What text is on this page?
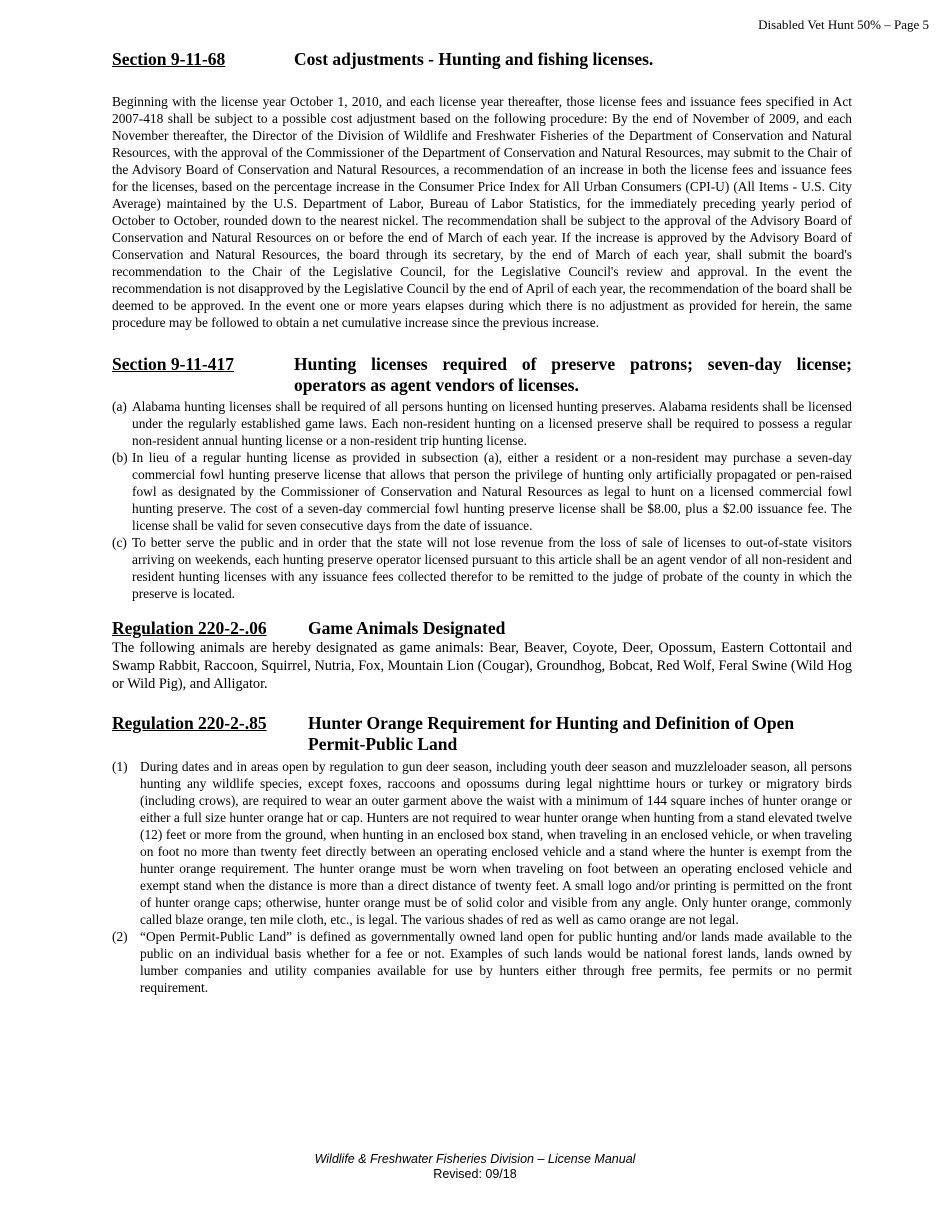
Disabled Vet Hunt 50% – Page 5
Section 9-11-68	Cost adjustments - Hunting and fishing licenses.

Beginning with the license year October 1, 2010, and each license year thereafter, those license fees and issuance fees specified in Act 2007-418 shall be subject to a possible cost adjustment based on the following procedure: By the end of November of 2009, and each November thereafter, the Director of the Division of Wildlife and Freshwater Fisheries of the Department of Conservation and Natural Resources, with the approval of the Commissioner of the Department of Conservation and Natural Resources, may submit to the Chair of the Advisory Board of Conservation and Natural Resources, a recommendation of an increase in both the license fees and issuance fees for the licenses, based on the percentage increase in the Consumer Price Index for All Urban Consumers (CPI-U) (All Items - U.S. City Average) maintained by the U.S. Department of Labor, Bureau of Labor Statistics, for the immediately preceding yearly period of October to October, rounded down to the nearest nickel. The recommendation shall be subject to the approval of the Advisory Board of Conservation and Natural Resources on or before the end of March of each year. If the increase is approved by the Advisory Board of Conservation and Natural Resources, the board through its secretary, by the end of March of each year, shall submit the board's recommendation to the Chair of the Legislative Council, for the Legislative Council's review and approval. In the event the recommendation is not disapproved by the Legislative Council by the end of April of each year, the recommendation of the board shall be deemed to be approved. In the event one or more years elapses during which there is no adjustment as provided for herein, the same procedure may be followed to obtain a net cumulative increase since the previous increase.

Section 9-11-417	Hunting licenses required of preserve patrons; seven-day license;
operators as agent vendors of licenses.
(a) Alabama hunting licenses shall be required of all persons hunting on licensed hunting preserves. Alabama residents shall be licensed under the regularly established game laws. Each non-resident hunting on a licensed preserve shall be required to possess a regular non-resident annual hunting license or a non-resident trip hunting license.
(b) In lieu of a regular hunting license as provided in subsection (a), either a resident or a non-resident may purchase a seven-day commercial fowl hunting preserve license that allows that person the privilege of hunting only artificially propagated or pen-raised fowl as designated by the Commissioner of Conservation and Natural Resources as legal to hunt on a licensed commercial fowl hunting preserve. The cost of a seven-day commercial fowl hunting preserve license shall be $8.00, plus a $2.00 issuance fee. The license shall be valid for seven consecutive days from the date of issuance.
(c) To better serve the public and in order that the state will not lose revenue from the loss of sale of licenses to out-of-state visitors arriving on weekends, each hunting preserve operator licensed pursuant to this article shall be an agent vendor of all non-resident and resident hunting licenses with any issuance fees collected therefor to be remitted to the judge of probate of the county in which the preserve is located.
Regulation 220-2-.06	Game Animals Designated

The following animals are hereby designated as game animals: Bear, Beaver, Coyote, Deer, Opossum, Eastern Cottontail and Swamp Rabbit, Raccoon, Squirrel, Nutria, Fox, Mountain Lion (Cougar), Groundhog, Bobcat, Red Wolf, Feral Swine (Wild Hog or Wild Pig), and Alligator.

Regulation 220-2-.85	Hunter Orange Requirement for Hunting and Definition of Open Permit-Public Land
(1) During dates and in areas open by regulation to gun deer season, including youth deer season and muzzleloader season, all persons hunting any wildlife species, except foxes, raccoons and opossums during legal nighttime hours or turkey or migratory birds (including crows), are required to wear an outer garment above the waist with a minimum of 144 square inches of hunter orange or either a full size hunter orange hat or cap. Hunters are not required to wear hunter orange when hunting from a stand elevated twelve (12) feet or more from the ground, when hunting in an enclosed box stand, when traveling in an enclosed vehicle, or when traveling on foot no more than twenty feet directly between an operating enclosed vehicle and a stand where the hunter is exempt from the hunter orange requirement. The hunter orange must be worn when traveling on foot between an operating enclosed vehicle and exempt stand when the distance is more than a direct distance of twenty feet. A small logo and/or printing is permitted on the front of hunter orange caps; otherwise, hunter orange must be of solid color and visible from any angle. Only hunter orange, commonly called blaze orange, ten mile cloth, etc., is legal. The various shades of red as well as camo orange are not legal.
(2) “Open Permit-Public Land” is defined as governmentally owned land open for public hunting and/or lands made available to the public on an individual basis whether for a fee or not. Examples of such lands would be national forest lands, lands owned by lumber companies and utility companies available for use by hunters either through free permits, fee permits or no permit requirement.
Wildlife & Freshwater Fisheries Division – License Manual
Revised: 09/18
